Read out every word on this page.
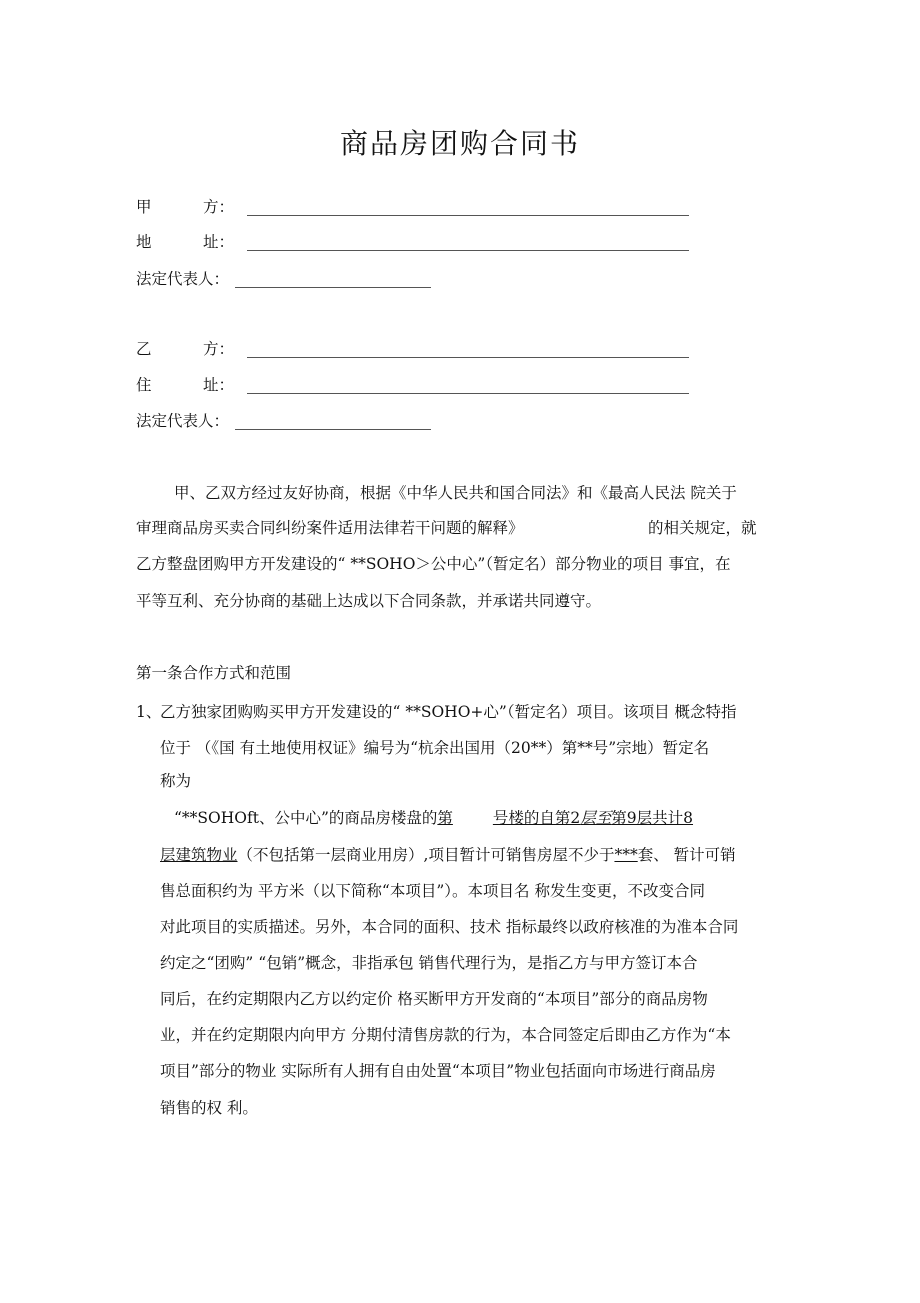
商品房团购合同书
甲	方：
地	址：
法定代表人：
乙	方：
住	址：
法定代表人：
甲、乙双方经过友好协商，根据《中华人民共和国合同法》和《最高人民法 院关于
审理商品房买卖合同纠纷案件适用法律若干问题的解释》	的相关规定，就
乙方整盘团购甲方开发建设的“ **SOHO＞公中心”（暂定名）部分物业的项目 事宜，在
平等互利、充分协商的基础上达成以下合同条款，并承诺共同遵守。
第一条合作方式和范围
1、
乙方独家团购购买甲方开发建设的“ **SOHO+心”（暂定名）项目。该项目 概念特指
位于 （《国 有土地使用权证》编号为“杭余出国用（20**）第**号”宗地）暂定名
称为
“**SOHOft、公中心”的商品房楼盘的第	号楼的自第2层至第9层共计8
层建筑物业（不包括第一层商业用房）,项目暂计可销售房屋不少于***套、 暂计可销
售总面积约为 平方米（以下简称“本项目”）。本项目名 称发生变更，不改变合同
对此项目的实质描述。另外，本合同的面积、技术 指标最终以政府核准的为准本合同
约定之“团购” “包销”概念，非指承包 销售代理行为，是指乙方与甲方签订本合
同后，在约定期限内乙方以约定价 格买断甲方开发商的“本项目”部分的商品房物
业，并在约定期限内向甲方 分期付清售房款的行为，本合同签定后即由乙方作为“本
项目”部分的物业 实际所有人拥有自由处置“本项目”物业包括面向市场进行商品房
销售的权 利。
